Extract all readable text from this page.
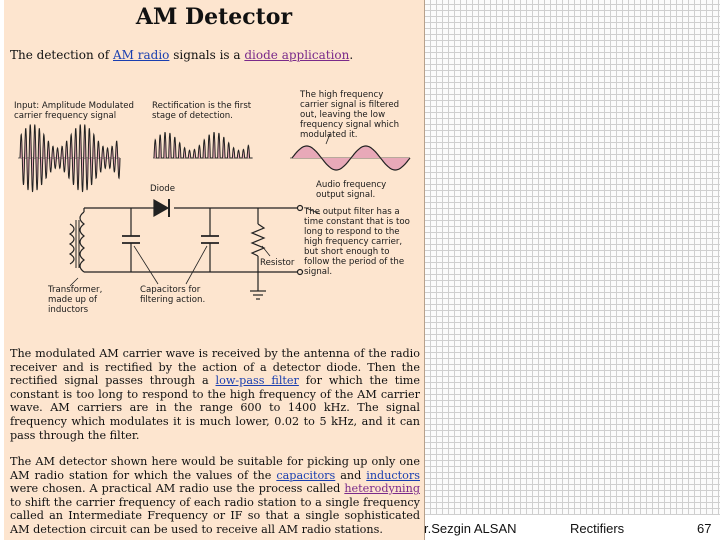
AM Detector
The detection of AM radio signals is a diode application.
Input: Amplitude Modulated carrier frequency signal
Rectification is the first stage of detection.
The high frequency carrier signal is filtered out, leaving the low frequency signal which modulated it.
Audio frequency output signal.
Diode
The output filter has a time constant that is too long to respond to the high frequency carrier, but short enough to follow the period of the signal.
Resistor
Transformer, made up of inductors
Capacitors for filtering action.
The modulated AM carrier wave is received by the antenna of the radio receiver and is rectified by the action of a detector diode. Then the rectified signal passes through a low-pass filter for which the time constant is too long to respond to the high frequency of the AM carrier wave. AM carriers are in the range 600 to 1400 kHz. The signal frequency which modulates it is much lower, 0.02 to 5 kHz, and it can pass through the filter.
The AM detector shown here would be suitable for picking up only one AM radio station for which the values of the capacitors and inductors were chosen. A practical AM radio use the process called heterodyning to shift the carrier frequency of each radio station to a single frequency called an Intermediate Frequency or IF so that a single sophisticated AM detection circuit can be used to receive all AM radio stations.	r.Sezgin ALSAN	Rectifiers	67
